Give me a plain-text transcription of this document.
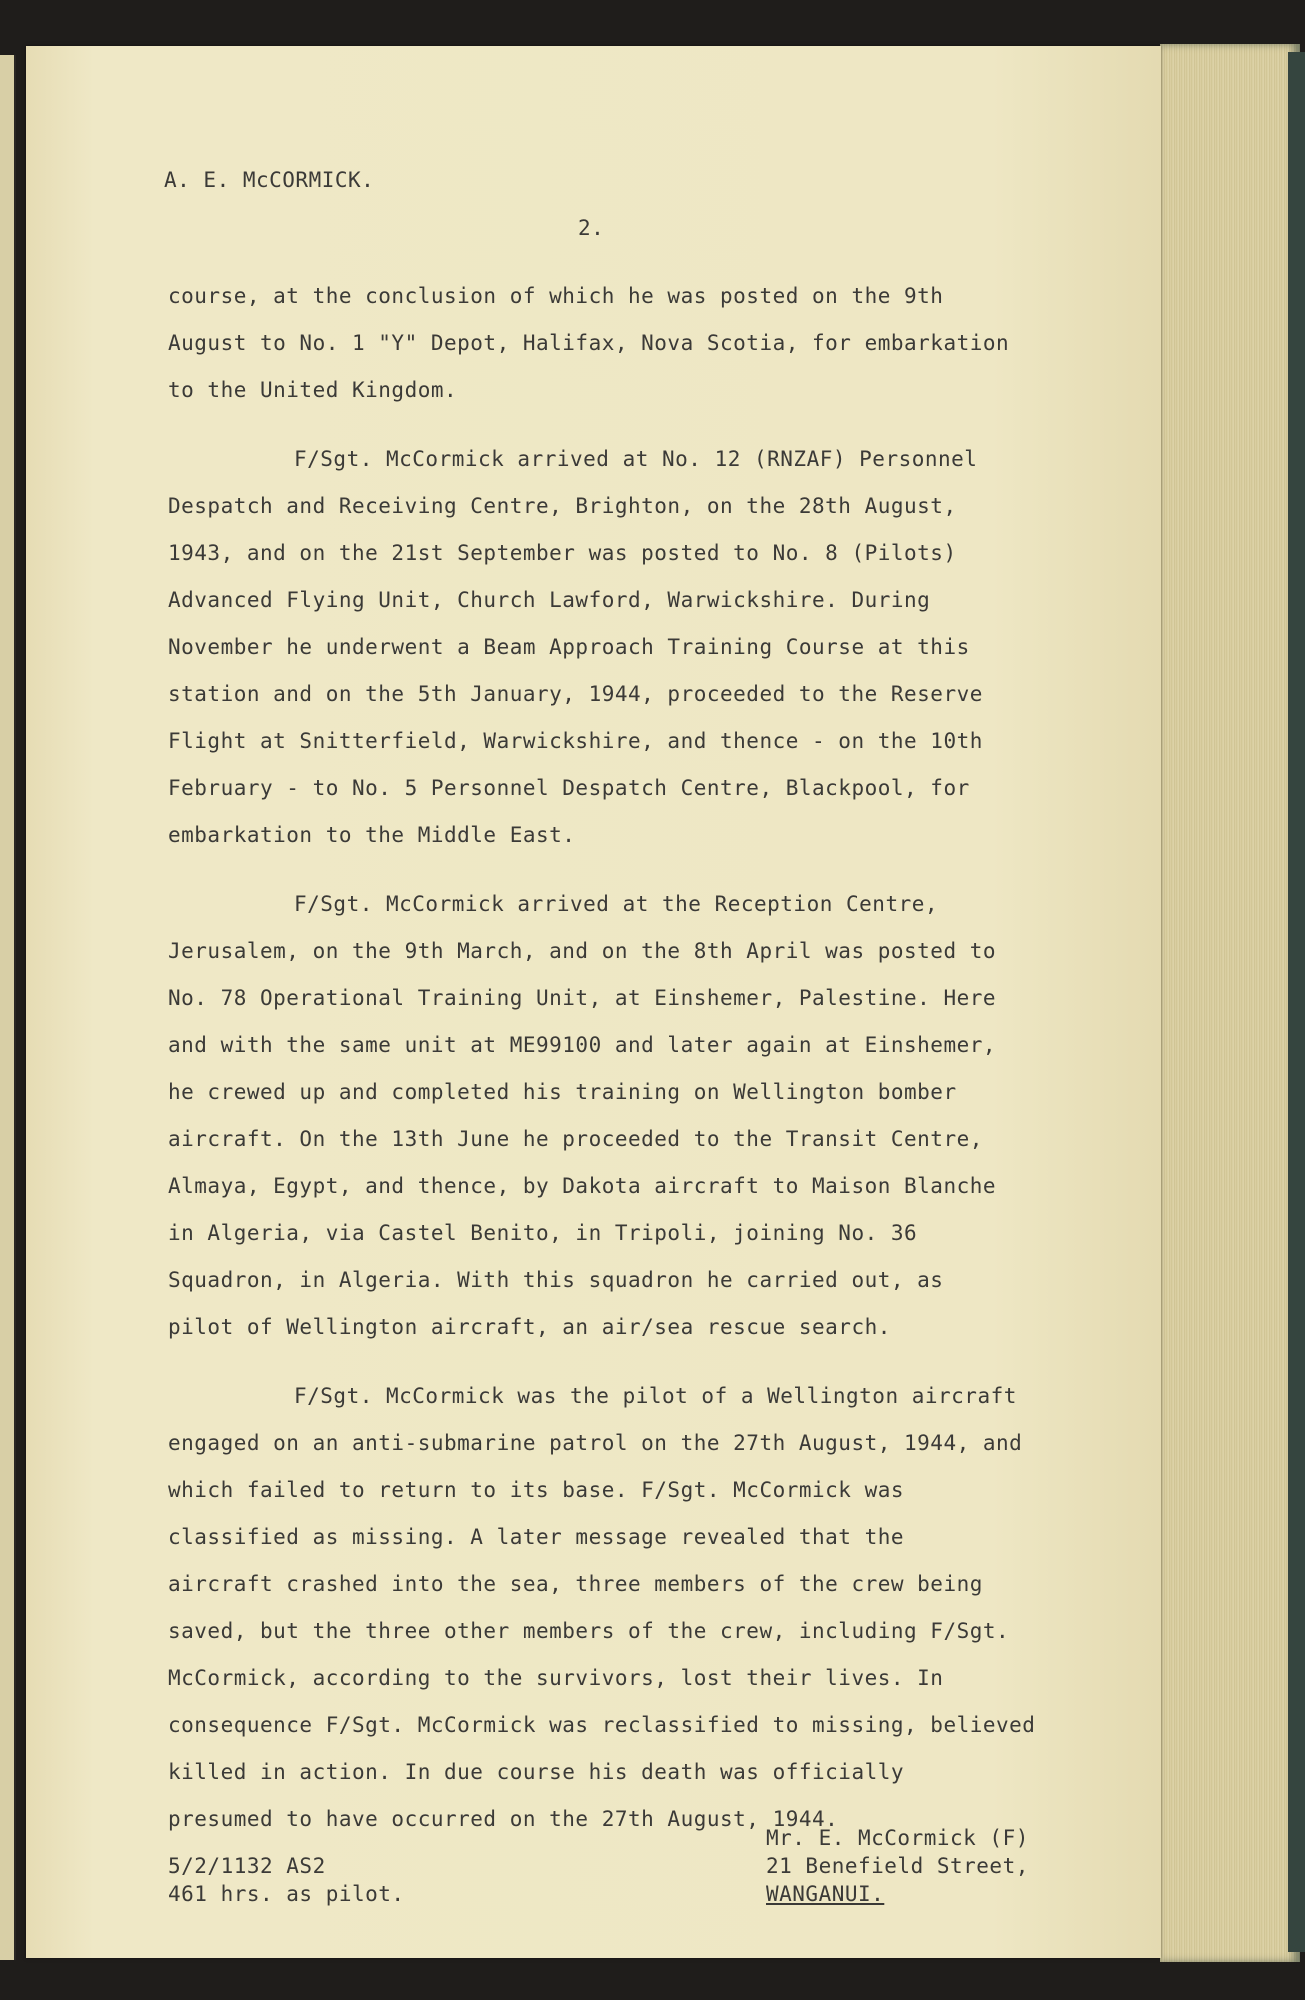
A. E. McCORMICK.
2.
course, at the conclusion of which he was posted on the 9th
August to No. 1 "Y" Depot, Halifax, Nova Scotia, for embarkation
to the United Kingdom.
F/Sgt. McCormick arrived at No. 12 (RNZAF) Personnel
Despatch and Receiving Centre, Brighton, on the 28th August,
1943, and on the 21st September was posted to No. 8 (Pilots)
Advanced Flying Unit, Church Lawford, Warwickshire. During
November he underwent a Beam Approach Training Course at this
station and on the 5th January, 1944, proceeded to the Reserve
Flight at Snitterfield, Warwickshire, and thence - on the 10th
February - to No. 5 Personnel Despatch Centre, Blackpool, for
embarkation to the Middle East.
F/Sgt. McCormick arrived at the Reception Centre,
Jerusalem, on the 9th March, and on the 8th April was posted to
No. 78 Operational Training Unit, at Einshemer, Palestine. Here
and with the same unit at ME99100 and later again at Einshemer,
he crewed up and completed his training on Wellington bomber
aircraft. On the 13th June he proceeded to the Transit Centre,
Almaya, Egypt, and thence, by Dakota aircraft to Maison Blanche
in Algeria, via Castel Benito, in Tripoli, joining No. 36
Squadron, in Algeria. With this squadron he carried out, as
pilot of Wellington aircraft, an air/sea rescue search.
F/Sgt. McCormick was the pilot of a Wellington aircraft
engaged on an anti-submarine patrol on the 27th August, 1944, and
which failed to return to its base. F/Sgt. McCormick was
classified as missing. A later message revealed that the
aircraft crashed into the sea, three members of the crew being
saved, but the three other members of the crew, including F/Sgt.
McCormick, according to the survivors, lost their lives. In
consequence F/Sgt. McCormick was reclassified to missing, believed
killed in action. In due course his death was officially
presumed to have occurred on the 27th August, 1944.
5/2/1132 AS2
461 hrs. as pilot.
Mr. E. McCormick (F)
21 Benefield Street,
WANGANUI.
